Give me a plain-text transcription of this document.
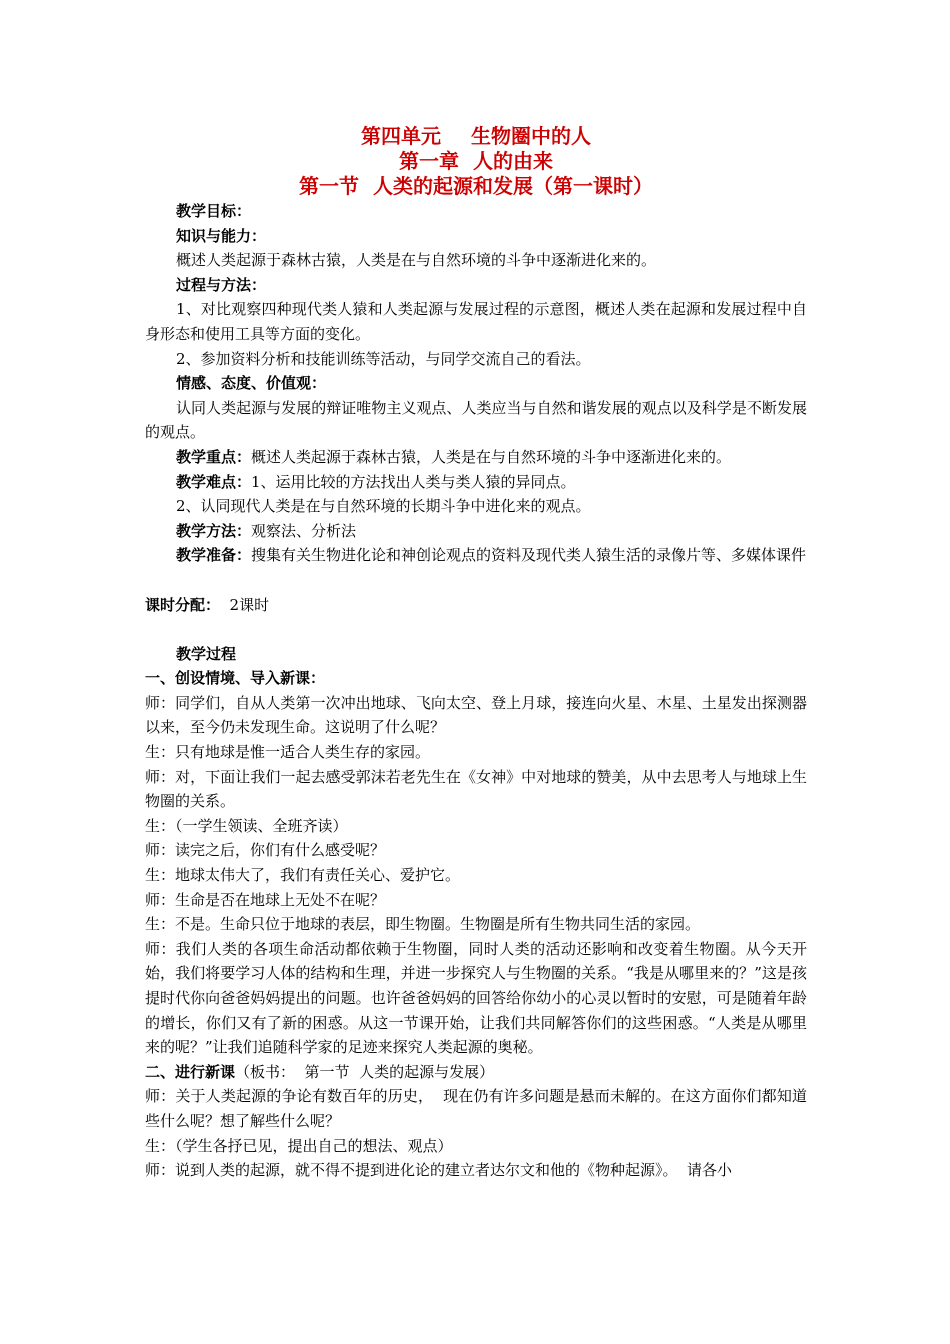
第四单元 生物圈中的人
第一章  人的由来
第一节  人类的起源和发展（第一课时）

教学目标：

知识与能力：

概述人类起源于森林古猿，人类是在与自然环境的斗争中逐渐进化来的。

过程与方法：

1、对比观察四种现代类人猿和人类起源与发展过程的示意图，概述人类在起源和发展过程中自身形态和使用工具等方面的变化。

2、参加资料分析和技能训练等活动，与同学交流自己的看法。

情感、态度、价值观：

认同人类起源与发展的辩证唯物主义观点、人类应当与自然和谐发展的观点以及科学是不断发展的观点。

教学重点：概述人类起源于森林古猿，人类是在与自然环境的斗争中逐渐进化来的。

教学难点：1、运用比较的方法找出人类与类人猿的异同点。

2、认同现代人类是在与自然环境的长期斗争中进化来的观点。

教学方法：观察法、分析法

教学准备：搜集有关生物进化论和神创论观点的资料及现代类人猿生活的录像片等、多媒体课件

课时分配：  2课时

教学过程

一、创设情境、导入新课：

师：同学们，自从人类第一次冲出地球、飞向太空、登上月球，接连向火星、木星、土星发出探测器以来，至今仍未发现生命。这说明了什么呢？

生：只有地球是惟一适合人类生存的家园。

师：对，下面让我们一起去感受郭沫若老先生在《女神》中对地球的赞美，从中去思考人与地球上生物圈的关系。

生：（一学生领读、全班齐读）

师：读完之后，你们有什么感受呢？

生：地球太伟大了，我们有责任关心、爱护它。

师：生命是否在地球上无处不在呢？

生：不是。生命只位于地球的表层，即生物圈。生物圈是所有生物共同生活的家园。

师：我们人类的各项生命活动都依赖于生物圈，同时人类的活动还影响和改变着生物圈。从今天开始，我们将要学习人体的结构和生理，并进一步探究人与生物圈的关系。“我是从哪里来的？”这是孩提时代你向爸爸妈妈提出的问题。也许爸爸妈妈的回答给你幼小的心灵以暂时的安慰，可是随着年龄的增长，你们又有了新的困惑。从这一节课开始，让我们共同解答你们的这些困惑。“人类是从哪里来的呢？”让我们追随科学家的足迹来探究人类起源的奥秘。

二、进行新课（板书：  第一节  人类的起源与发展）

师：关于人类起源的争论有数百年的历史，  现在仍有许多问题是悬而未解的。在这方面你们都知道些什么呢？想了解些什么呢？

生：（学生各抒已见，提出自己的想法、观点）

师：说到人类的起源，就不得不提到进化论的建立者达尔文和他的《物种起源》。  请各小
